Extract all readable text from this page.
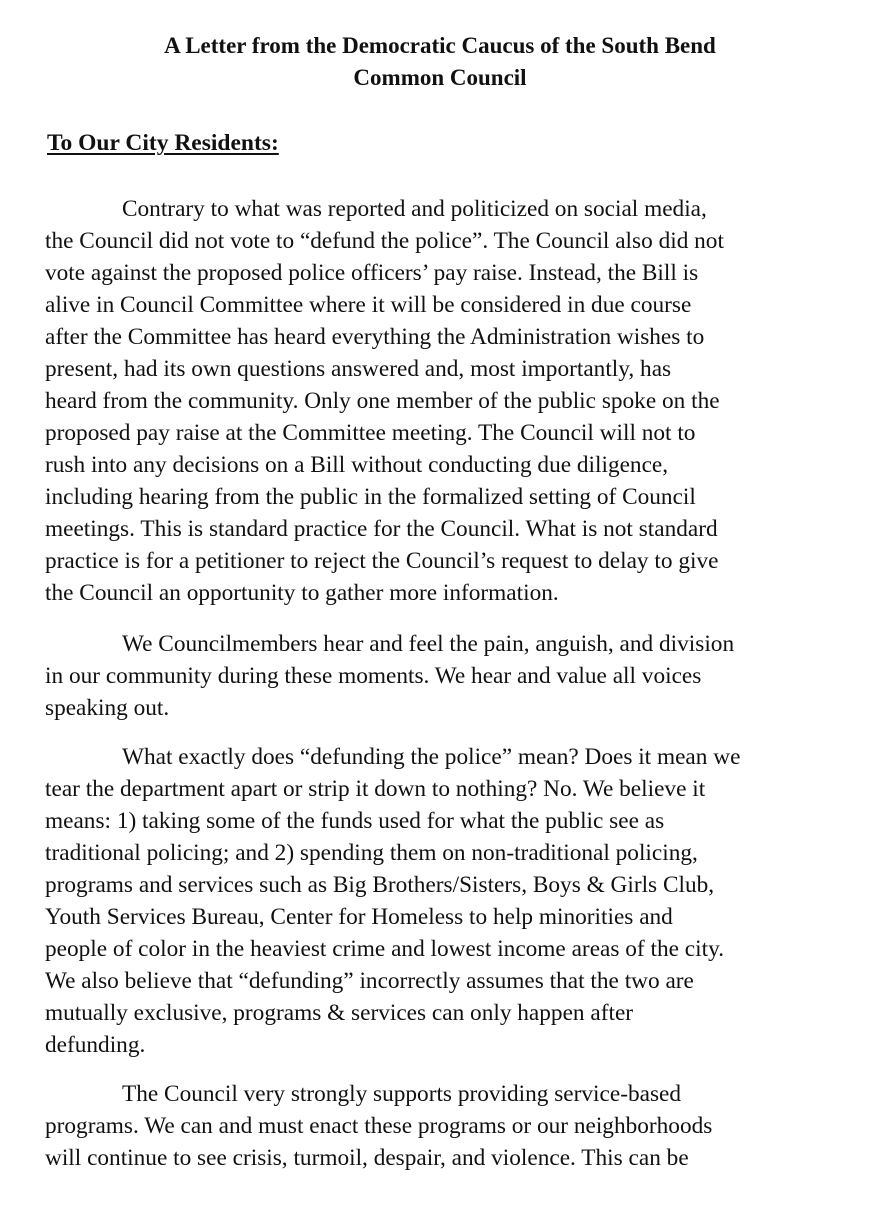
A Letter from the Democratic Caucus of the South Bend
Common Council
To Our City Residents:
Contrary to what was reported and politicized on social media,
the Council did not vote to “defund the police”. The Council also did not
vote against the proposed police officers’ pay raise. Instead, the Bill is
alive in Council Committee where it will be considered in due course
after the Committee has heard everything the Administration wishes to
present, had its own questions answered and, most importantly, has
heard from the community. Only one member of the public spoke on the
proposed pay raise at the Committee meeting. The Council will not to
rush into any decisions on a Bill without conducting due diligence,
including hearing from the public in the formalized setting of Council
meetings. This is standard practice for the Council. What is not standard
practice is for a petitioner to reject the Council’s request to delay to give
the Council an opportunity to gather more information.
We Councilmembers hear and feel the pain, anguish, and division
in our community during these moments. We hear and value all voices
speaking out.
What exactly does “defunding the police” mean? Does it mean we
tear the department apart or strip it down to nothing? No. We believe it
means: 1) taking some of the funds used for what the public see as
traditional policing; and 2) spending them on non-traditional policing,
programs and services such as Big Brothers/Sisters, Boys & Girls Club,
Youth Services Bureau, Center for Homeless to help minorities and
people of color in the heaviest crime and lowest income areas of the city.
We also believe that “defunding” incorrectly assumes that the two are
mutually exclusive, programs & services can only happen after
defunding.
The Council very strongly supports providing service-based
programs. We can and must enact these programs or our neighborhoods
will continue to see crisis, turmoil, despair, and violence. This can be
